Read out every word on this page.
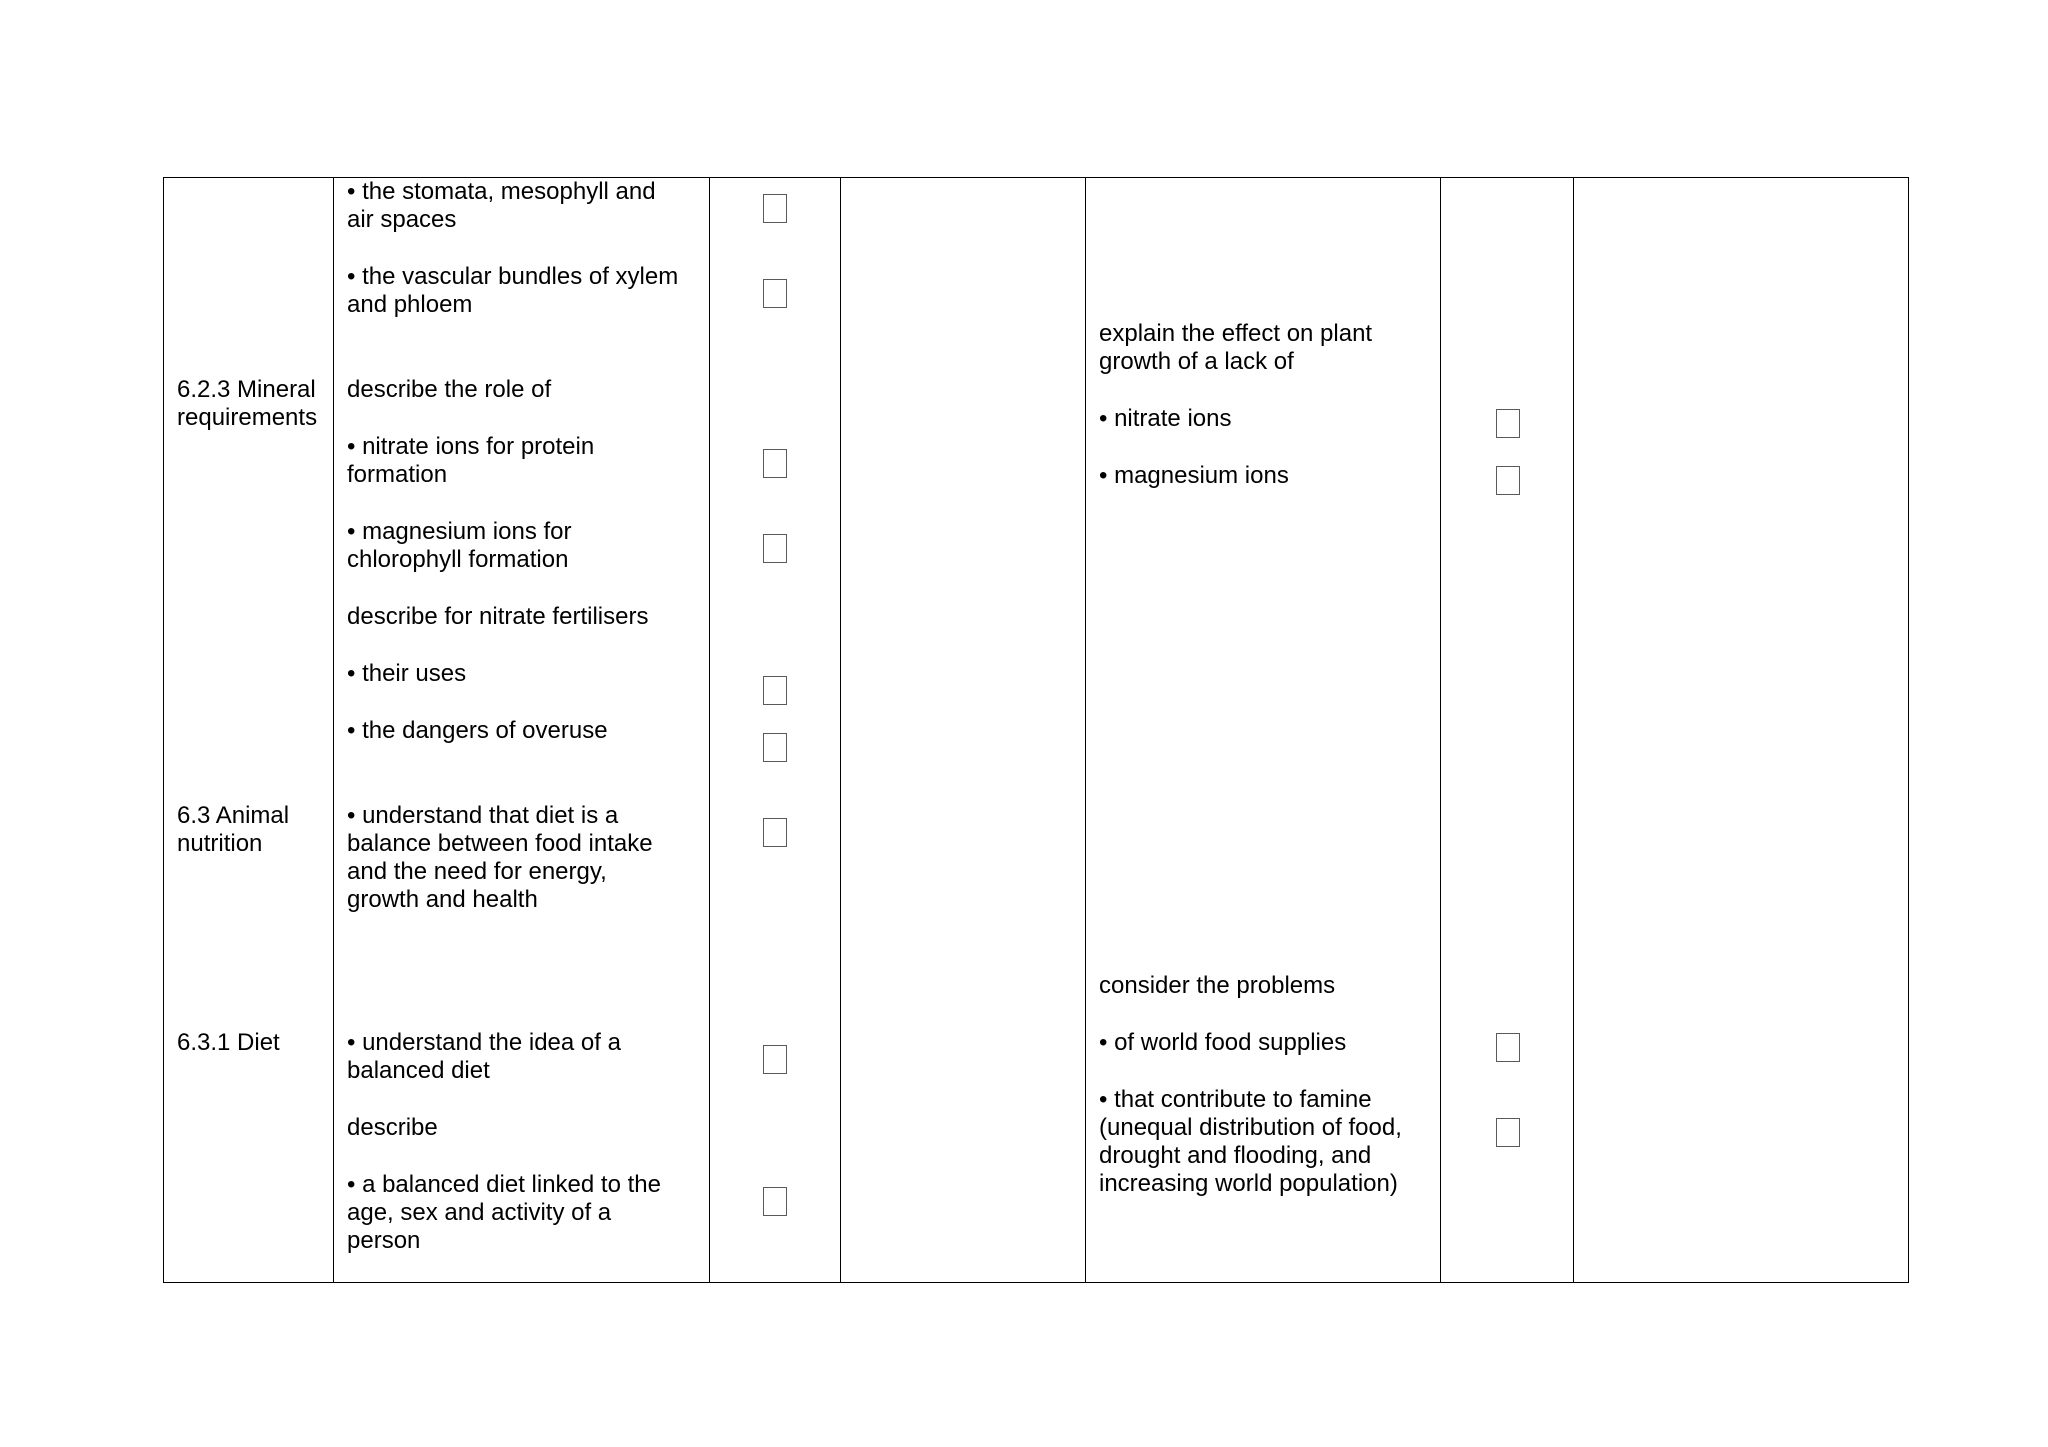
6.2.3 Mineral
requirements

6.3 Animal
nutrition

6.3.1 Diet

• the stomata, mesophyll and
air spaces

• the vascular bundles of xylem
and phloem

describe the role of

• nitrate ions for protein
formation

• magnesium ions for
chlorophyll formation

describe for nitrate fertilisers

• their uses

• the dangers of overuse

• understand that diet is a
balance between food intake
and the need for energy,
growth and health

• understand the idea of a
balanced diet

describe

• a balanced diet linked to the
age, sex and activity of a
person

explain the effect on plant
growth of a lack of

• nitrate ions

• magnesium ions

consider the problems

• of world food supplies

• that contribute to famine
(unequal distribution of food,
drought and flooding, and
increasing world population)
